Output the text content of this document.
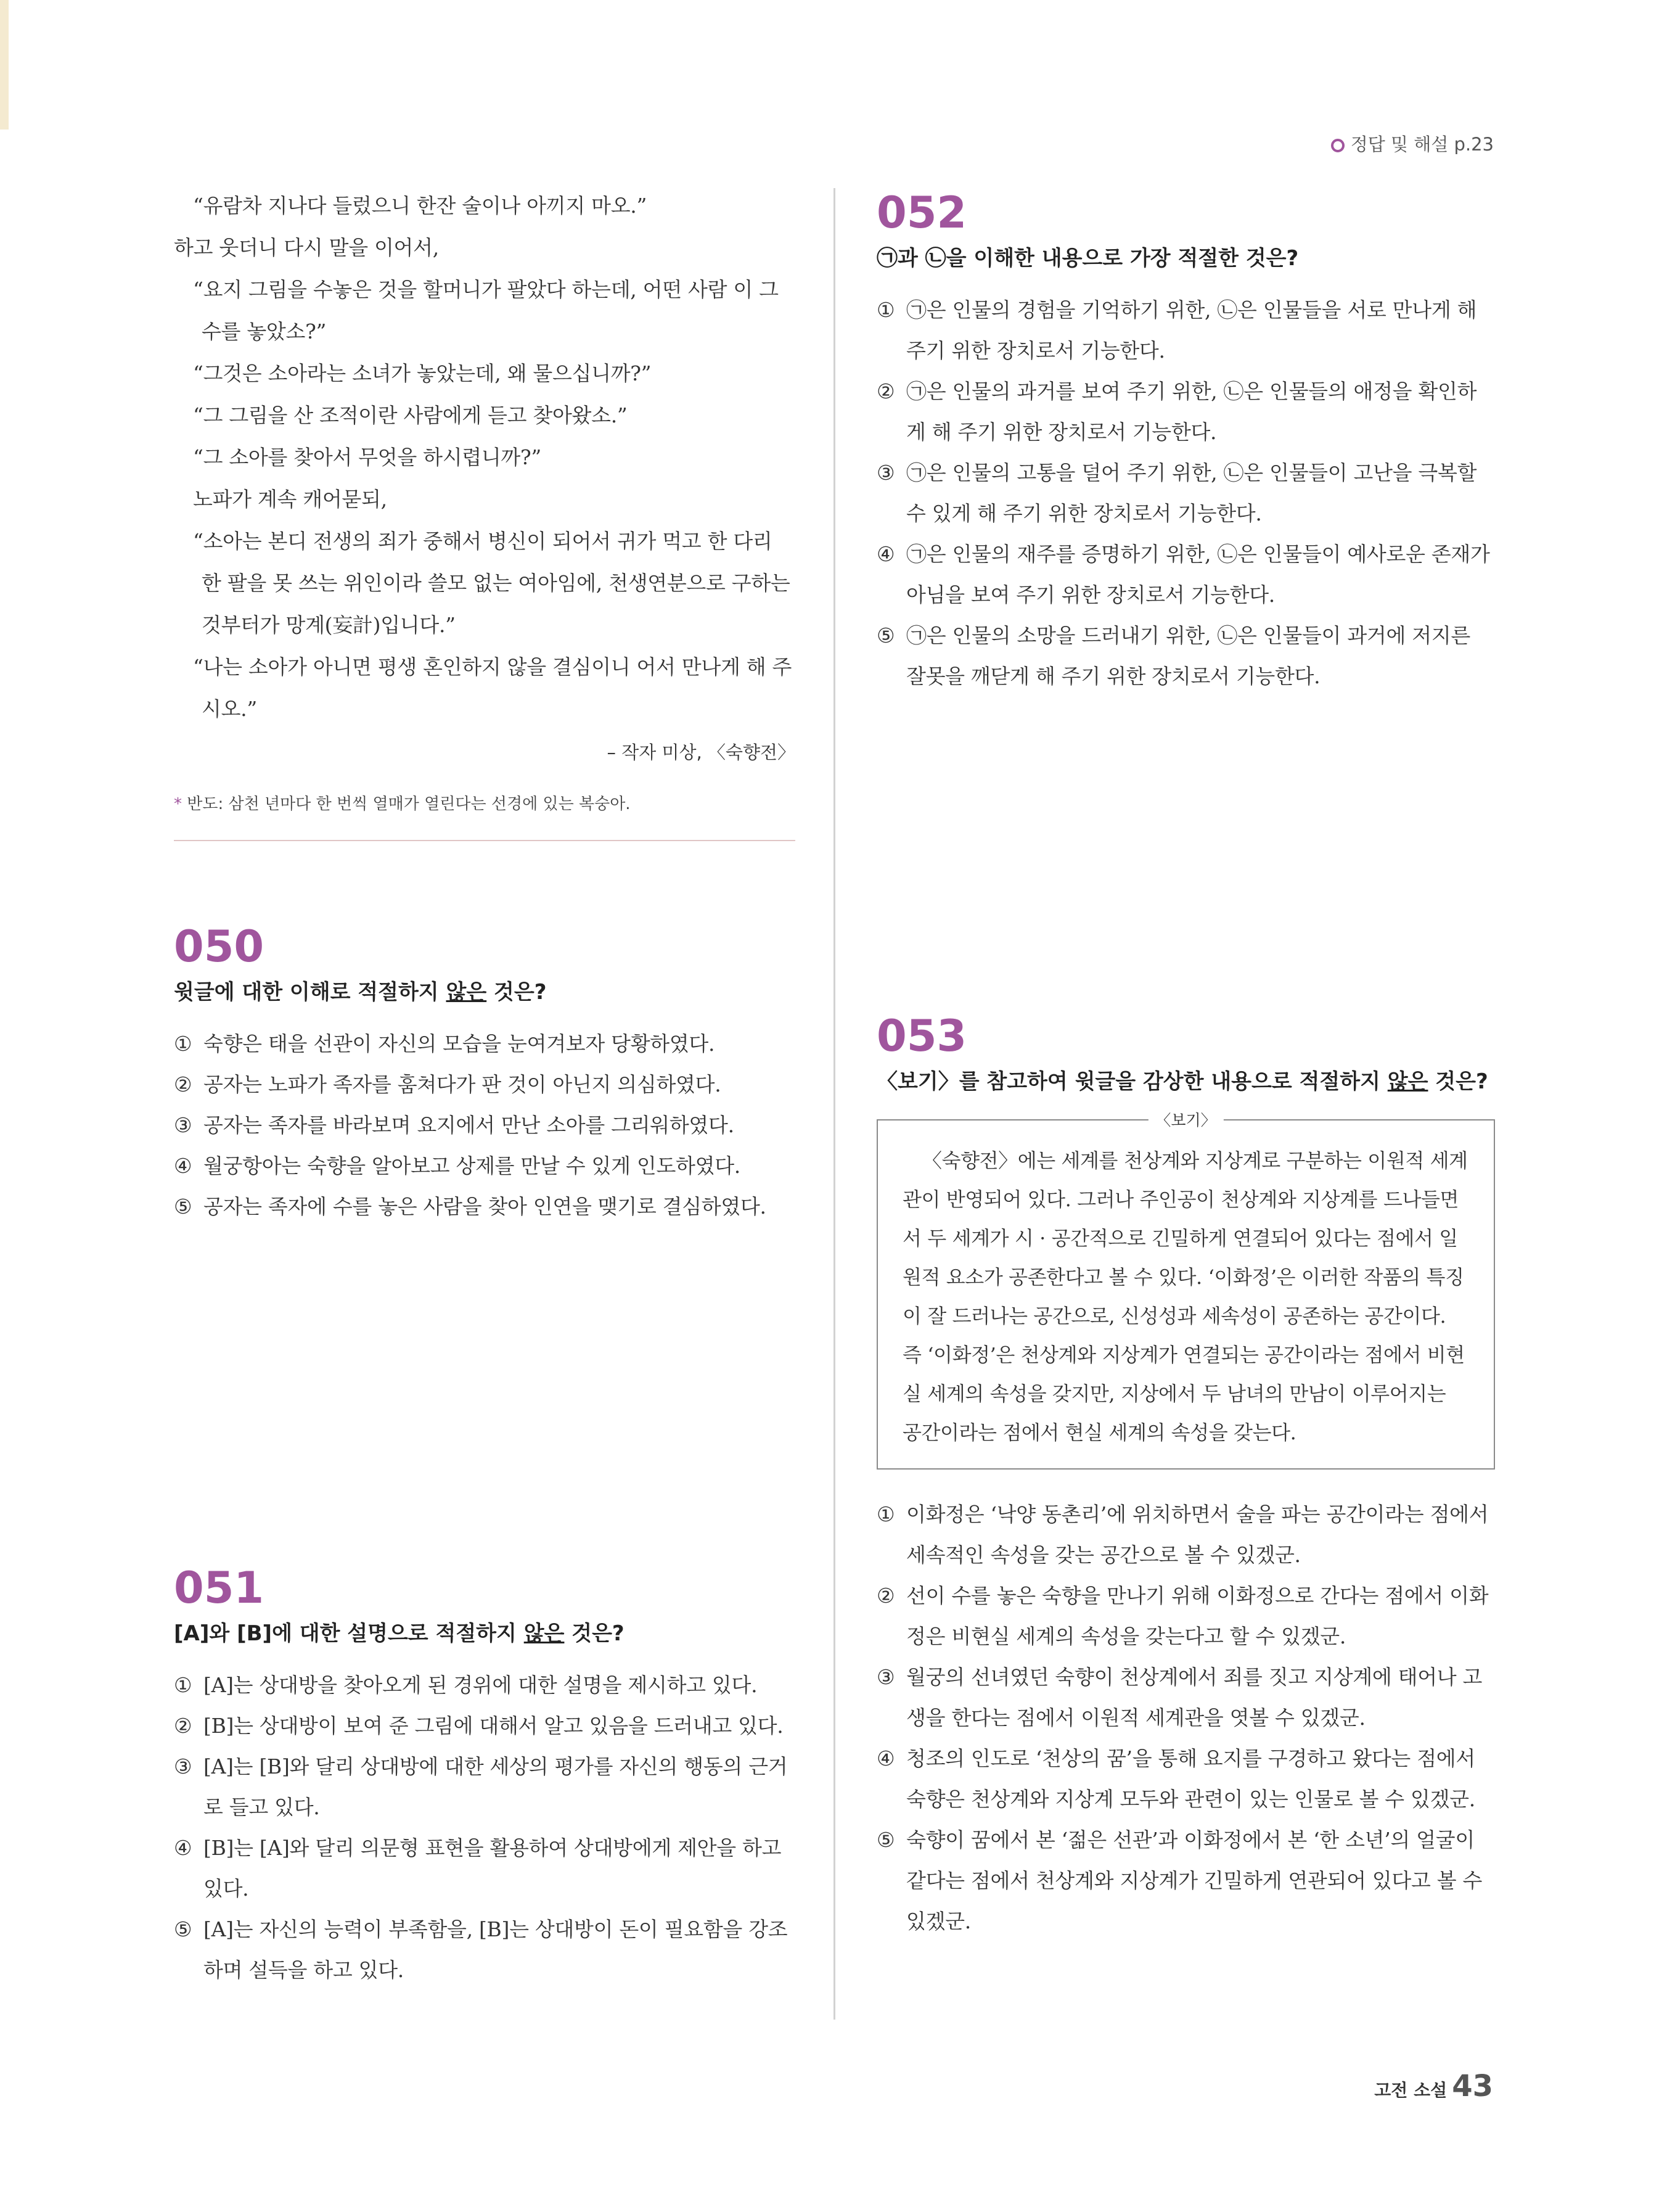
정답 및 해설 p.23

“유람차 지나다 들렀으니 한잔 술이나 아끼지 마오.”

하고 웃더니 다시 말을 이어서,

“요지 그림을 수놓은 것을 할머니가 팔았다 하는데, 어떤 사람 이 그 수를 놓았소?”

“그것은 소아라는 소녀가 놓았는데, 왜 물으십니까?”

“그 그림을 산 조적이란 사람에게 듣고 찾아왔소.”

“그 소아를 찾아서 무엇을 하시렵니까?”

노파가 계속 캐어묻되,

“소아는 본디 전생의 죄가 중해서 병신이 되어서 귀가 먹고 한 다리 한 팔을 못 쓰는 위인이라 쓸모 없는 여아임에, 천생연분으로 구하는 것부터가 망계(妄計)입니다.”

“나는 소아가 아니면 평생 혼인하지 않을 결심이니 어서 만나게 해 주시오.”

– 작자 미상, 〈숙향전〉

* 반도: 삼천 년마다 한 번씩 열매가 열린다는 선경에 있는 복숭아.

050

윗글에 대한 이해로 적절하지 않은 것은?

① 숙향은 태을 선관이 자신의 모습을 눈여겨보자 당황하였다.
② 공자는 노파가 족자를 훔쳐다가 판 것이 아닌지 의심하였다.
③ 공자는 족자를 바라보며 요지에서 만난 소아를 그리워하였다.
④ 월궁항아는 숙향을 알아보고 상제를 만날 수 있게 인도하였다.
⑤ 공자는 족자에 수를 놓은 사람을 찾아 인연을 맺기로 결심하였다.

051

[A]와 [B]에 대한 설명으로 적절하지 않은 것은?

① [A]는 상대방을 찾아오게 된 경위에 대한 설명을 제시하고 있다.
② [B]는 상대방이 보여 준 그림에 대해서 알고 있음을 드러내고 있다.
③ [A]는 [B]와 달리 상대방에 대한 세상의 평가를 자신의 행동의 근거로 들고 있다.
④ [B]는 [A]와 달리 의문형 표현을 활용하여 상대방에게 제안을 하고 있다.
⑤ [A]는 자신의 능력이 부족함을, [B]는 상대방이 돈이 필요함을 강조하며 설득을 하고 있다.

052

㉠과 ㉡을 이해한 내용으로 가장 적절한 것은?

① ㉠은 인물의 경험을 기억하기 위한, ㉡은 인물들을 서로 만나게 해 주기 위한 장치로서 기능한다.
② ㉠은 인물의 과거를 보여 주기 위한, ㉡은 인물들의 애정을 확인하게 해 주기 위한 장치로서 기능한다.
③ ㉠은 인물의 고통을 덜어 주기 위한, ㉡은 인물들이 고난을 극복할 수 있게 해 주기 위한 장치로서 기능한다.
④ ㉠은 인물의 재주를 증명하기 위한, ㉡은 인물들이 예사로운 존재가 아님을 보여 주기 위한 장치로서 기능한다.
⑤ ㉠은 인물의 소망을 드러내기 위한, ㉡은 인물들이 과거에 저지른 잘못을 깨닫게 해 주기 위한 장치로서 기능한다.

053

〈보기〉를 참고하여 윗글을 감상한 내용으로 적절하지 않은 것은?

〈보기〉

〈숙향전〉에는 세계를 천상계와 지상계로 구분하는 이원적 세계관이 반영되어 있다. 그러나 주인공이 천상계와 지상계를 드나들면서 두 세계가 시 · 공간적으로 긴밀하게 연결되어 있다는 점에서 일원적 요소가 공존한다고 볼 수 있다. ‘이화정’은 이러한 작품의 특징이 잘 드러나는 공간으로, 신성성과 세속성이 공존하는 공간이다. 즉 ‘이화정’은 천상계와 지상계가 연결되는 공간이라는 점에서 비현실 세계의 속성을 갖지만, 지상에서 두 남녀의 만남이 이루어지는 공간이라는 점에서 현실 세계의 속성을 갖는다.

① 이화정은 ‘낙양 동촌리’에 위치하면서 술을 파는 공간이라는 점에서 세속적인 속성을 갖는 공간으로 볼 수 있겠군.
② 선이 수를 놓은 숙향을 만나기 위해 이화정으로 간다는 점에서 이화정은 비현실 세계의 속성을 갖는다고 할 수 있겠군.
③ 월궁의 선녀였던 숙향이 천상계에서 죄를 짓고 지상계에 태어나 고생을 한다는 점에서 이원적 세계관을 엿볼 수 있겠군.
④ 청조의 인도로 ‘천상의 꿈’을 통해 요지를 구경하고 왔다는 점에서 숙향은 천상계와 지상계 모두와 관련이 있는 인물로 볼 수 있겠군.
⑤ 숙향이 꿈에서 본 ‘젊은 선관’과 이화정에서 본 ‘한 소년’의 얼굴이 같다는 점에서 천상계와 지상계가 긴밀하게 연관되어 있다고 볼 수 있겠군.
고전 소설 43
